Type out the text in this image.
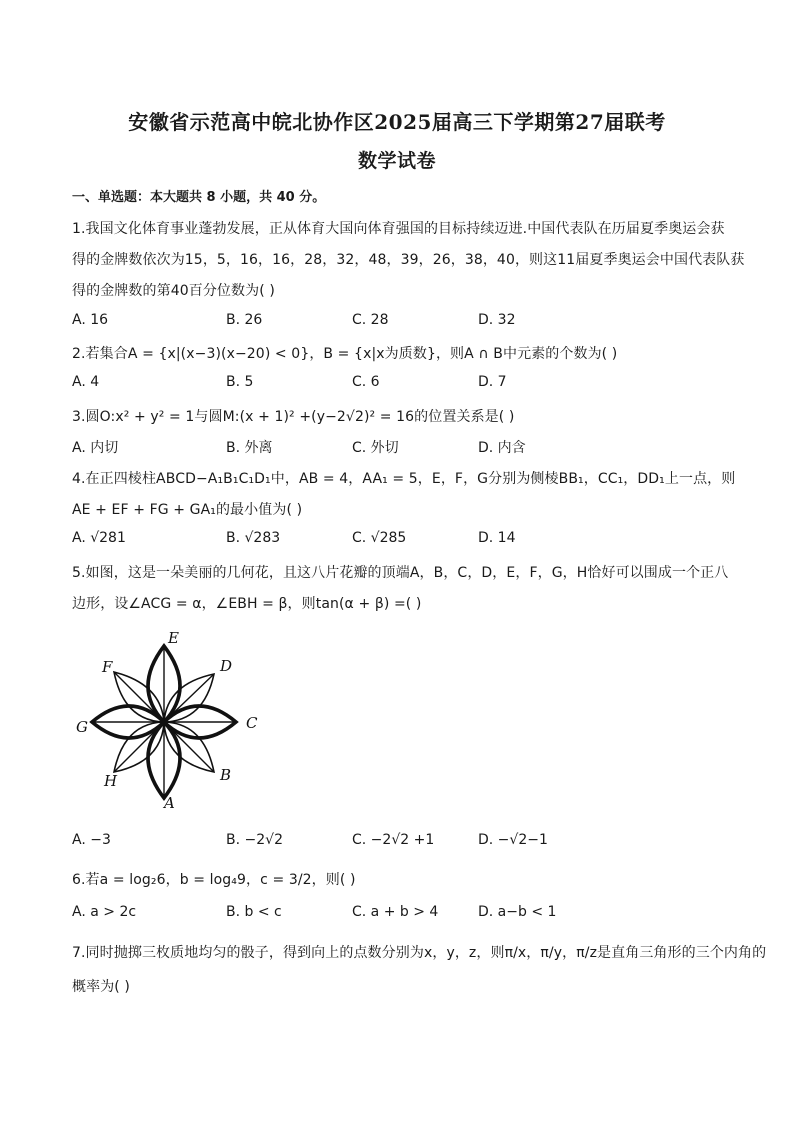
安徽省示范高中皖北协作区2025届高三下学期第27届联考
数学试卷
一、单选题：本大题共 8 小题，共 40 分。
1.我国文化体育事业蓬勃发展，正从体育大国向体育强国的目标持续迈进.中国代表队在历届夏季奥运会获
得的金牌数依次为15，5，16，16，28，32，48，39，26，38，40，则这11届夏季奥运会中国代表队获
得的金牌数的第40百分位数为( )
A. 16	B. 26	C. 28	D. 32
2.若集合A = {x|(x−3)(x−20) < 0}，B = {x|x为质数}，则A ∩ B中元素的个数为( )
A. 4	B. 5	C. 6	D. 7
3.圆O:x² + y² = 1与圆M:(x + 1)² +(y−2√2)² = 16的位置关系是( )
A. 内切	B. 外离	C. 外切	D. 内含
4.在正四棱柱ABCD−A₁B₁C₁D₁中，AB = 4，AA₁ = 5，E，F，G分别为侧棱BB₁，CC₁，DD₁上一点，则
AE + EF + FG + GA₁的最小值为( )
A. √281	B. √283	C. √285	D. 14
5.如图，这是一朵美丽的几何花，且这八片花瓣的顶端A，B，C，D，E，F，G，H恰好可以围成一个正八
边形，设∠ACG = α，∠EBH = β，则tan(α + β) =( )
E
D
C
B
A
H
G
F
A. −3	B. −2√2	C. −2√2 +1	D. −√2−1
6.若a = log₂6，b = log₄9，c = 3/2，则( )
A. a > 2c	B. b < c	C. a + b > 4	D. a−b < 1
7.同时抛掷三枚质地均匀的骰子，得到向上的点数分别为x，y，z，则π/x，π/y，π/z是直角三角形的三个内角的
概率为( )
